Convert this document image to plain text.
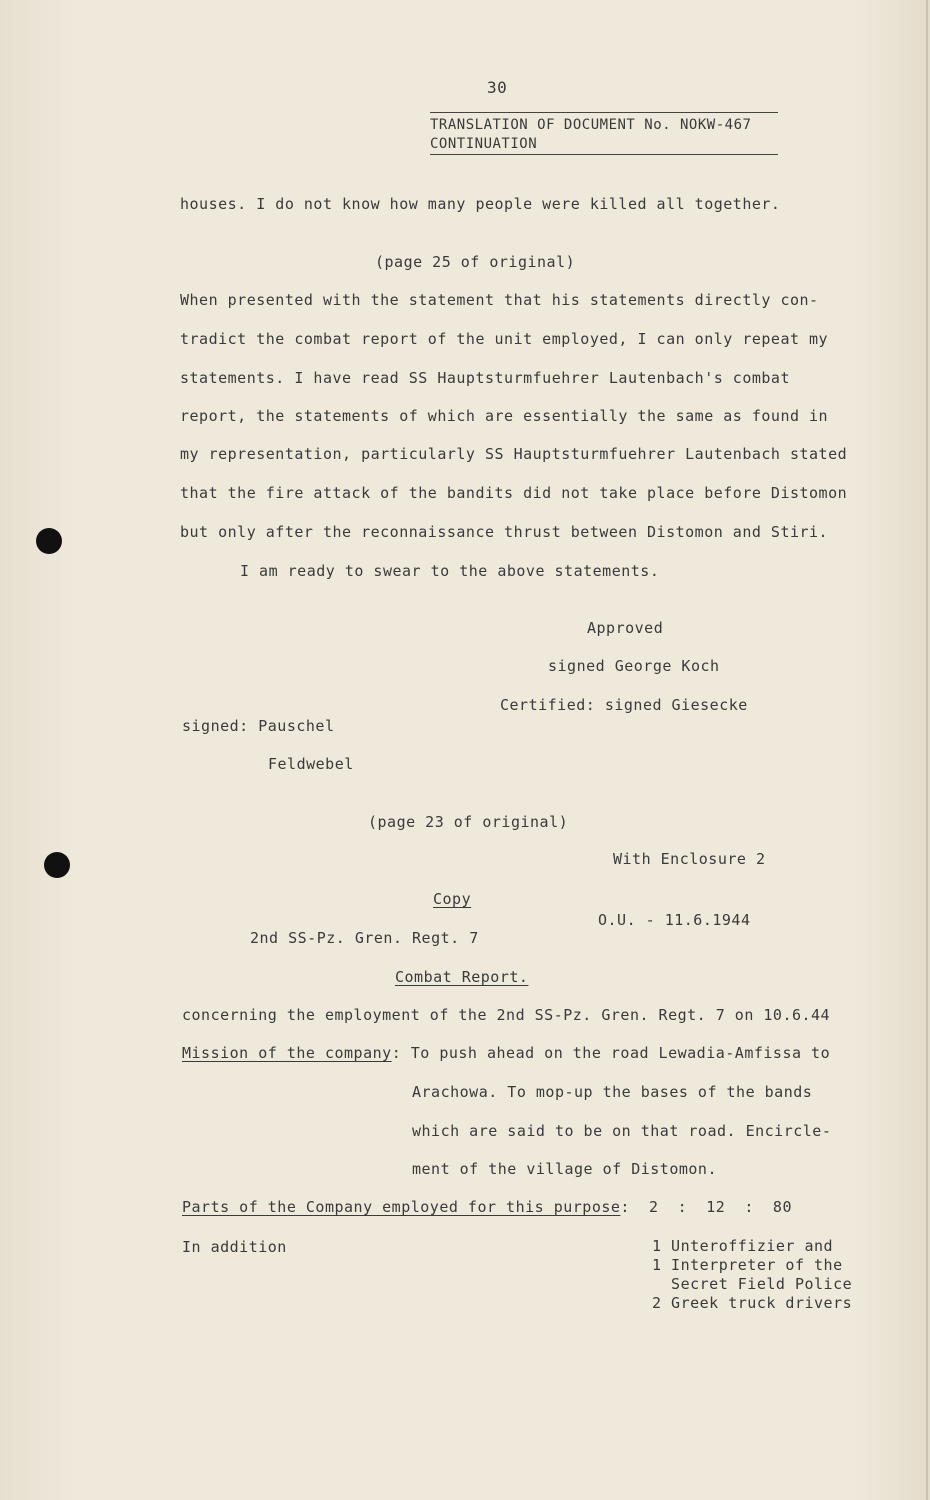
30
TRANSLATION OF DOCUMENT No. NOKW-467
CONTINUATION
houses. I do not know how many people were killed all together.
(page 25 of original)
When presented with the statement that his statements directly con-
tradict the combat report of the unit employed, I can only repeat my
statements. I have read SS Hauptsturmfuehrer Lautenbach's combat
report, the statements of which are essentially the same as found in
my representation, particularly SS Hauptsturmfuehrer Lautenbach stated
that the fire attack of the bandits did not take place before Distomon
but only after the reconnaissance thrust between Distomon and Stiri.
I am ready to swear to the above statements.
Approved
signed George Koch
Certified: signed Giesecke
signed: Pauschel
Feldwebel
(page 23 of original)
With Enclosure 2
Copy
O.U. - 11.6.1944
2nd SS-Pz. Gren. Regt. 7
Combat Report.
concerning the employment of the 2nd SS-Pz. Gren. Regt. 7 on 10.6.44
Mission of the company: To push ahead on the road Lewadia-Amfissa to
Arachowa. To mop-up the bases of the bands
which are said to be on that road. Encircle-
ment of the village of Distomon.
Parts of the Company employed for this purpose:  2  :  12  :  80
In addition	1 Unteroffizier and
1 Interpreter of the
Secret Field Police
2 Greek truck drivers
